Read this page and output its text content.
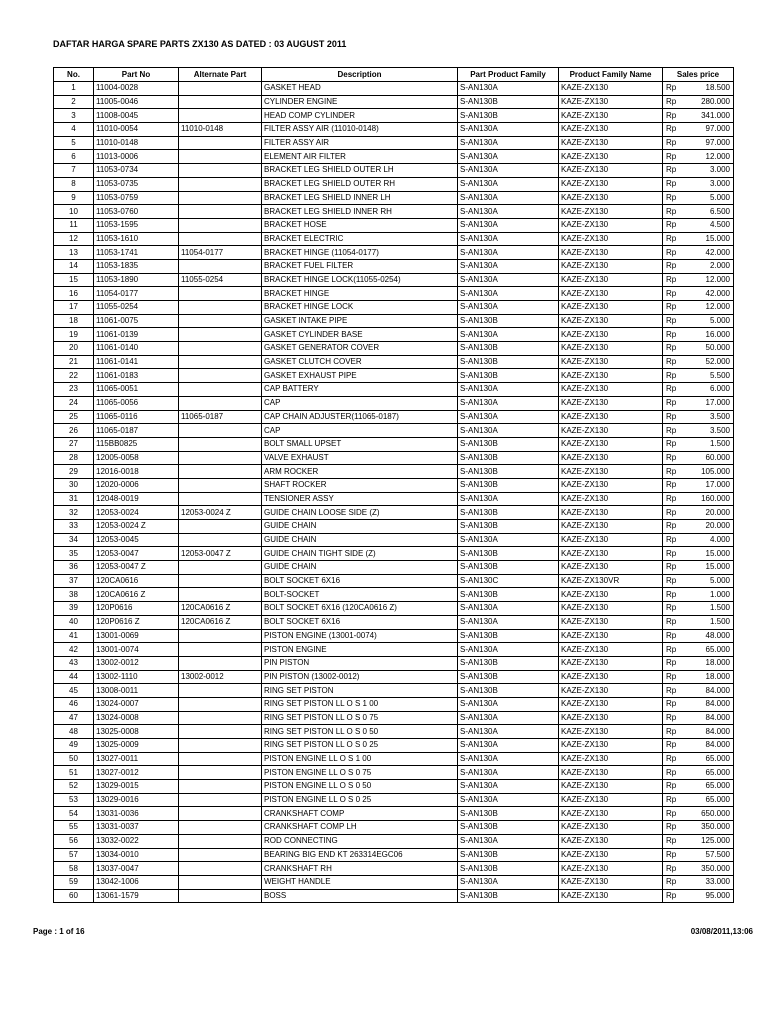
DAFTAR HARGA SPARE PARTS ZX130 AS DATED : 03 AUGUST 2011
No.	Part No	Alternate Part	Description	Part Product Family	Product Family Name	Sales price	
1	11004-0028		GASKET HEAD	S-AN130A	KAZE-ZX130	Rp	18.500
2	11005-0046		CYLINDER ENGINE	S-AN130B	KAZE-ZX130	Rp	280.000
3	11008-0045		HEAD COMP CYLINDER	S-AN130B	KAZE-ZX130	Rp	341.000
4	11010-0054	11010-0148	FILTER ASSY AIR (11010-0148)	S-AN130A	KAZE-ZX130	Rp	97.000
5	11010-0148		FILTER ASSY AIR	S-AN130A	KAZE-ZX130	Rp	97.000
6	11013-0006		ELEMENT AIR FILTER	S-AN130A	KAZE-ZX130	Rp	12.000
7	11053-0734		BRACKET LEG SHIELD OUTER LH	S-AN130A	KAZE-ZX130	Rp	3.000
8	11053-0735		BRACKET LEG SHIELD OUTER RH	S-AN130A	KAZE-ZX130	Rp	3.000
9	11053-0759		BRACKET LEG SHIELD INNER LH	S-AN130A	KAZE-ZX130	Rp	5.000
10	11053-0760		BRACKET LEG SHIELD INNER RH	S-AN130A	KAZE-ZX130	Rp	6.500
11	11053-1595		BRACKET HOSE	S-AN130A	KAZE-ZX130	Rp	4.500
12	11053-1610		BRACKET ELECTRIC	S-AN130A	KAZE-ZX130	Rp	15.000
13	11053-1741	11054-0177	BRACKET HINGE (11054-0177)	S-AN130A	KAZE-ZX130	Rp	42.000
14	11053-1835		BRACKET FUEL FILTER	S-AN130A	KAZE-ZX130	Rp	2.000
15	11053-1890	11055-0254	BRACKET HINGE LOCK(11055-0254)	S-AN130A	KAZE-ZX130	Rp	12.000
16	11054-0177		BRACKET HINGE	S-AN130A	KAZE-ZX130	Rp	42.000
17	11055-0254		BRACKET HINGE LOCK	S-AN130A	KAZE-ZX130	Rp	12.000
18	11061-0075		GASKET INTAKE PIPE	S-AN130B	KAZE-ZX130	Rp	5.000
19	11061-0139		GASKET CYLINDER BASE	S-AN130A	KAZE-ZX130	Rp	16.000
20	11061-0140		GASKET GENERATOR COVER	S-AN130B	KAZE-ZX130	Rp	50.000
21	11061-0141		GASKET CLUTCH COVER	S-AN130B	KAZE-ZX130	Rp	52.000
22	11061-0183		GASKET EXHAUST PIPE	S-AN130B	KAZE-ZX130	Rp	5.500
23	11065-0051		CAP BATTERY	S-AN130A	KAZE-ZX130	Rp	6.000
24	11065-0056		CAP	S-AN130A	KAZE-ZX130	Rp	17.000
25	11065-0116	11065-0187	CAP CHAIN ADJUSTER(11065-0187)	S-AN130A	KAZE-ZX130	Rp	3.500
26	11065-0187		CAP	S-AN130A	KAZE-ZX130	Rp	3.500
27	115BB0825		BOLT SMALL UPSET	S-AN130B	KAZE-ZX130	Rp	1.500
28	12005-0058		VALVE EXHAUST	S-AN130B	KAZE-ZX130	Rp	60.000
29	12016-0018		ARM ROCKER	S-AN130B	KAZE-ZX130	Rp	105.000
30	12020-0006		SHAFT ROCKER	S-AN130B	KAZE-ZX130	Rp	17.000
31	12048-0019		TENSIONER ASSY	S-AN130A	KAZE-ZX130	Rp	160.000
32	12053-0024	12053-0024 Z	GUIDE CHAIN LOOSE SIDE (Z)	S-AN130B	KAZE-ZX130	Rp	20.000
33	12053-0024 Z		GUIDE CHAIN	S-AN130B	KAZE-ZX130	Rp	20.000
34	12053-0045		GUIDE CHAIN	S-AN130A	KAZE-ZX130	Rp	4.000
35	12053-0047	12053-0047 Z	GUIDE CHAIN TIGHT SIDE (Z)	S-AN130B	KAZE-ZX130	Rp	15.000
36	12053-0047 Z		GUIDE CHAIN	S-AN130B	KAZE-ZX130	Rp	15.000
37	120CA0616		BOLT SOCKET 6X16	S-AN130C	KAZE-ZX130VR	Rp	5.000
38	120CA0616 Z		BOLT-SOCKET	S-AN130B	KAZE-ZX130	Rp	1.000
39	120P0616	120CA0616 Z	BOLT SOCKET 6X16 (120CA0616 Z)	S-AN130A	KAZE-ZX130	Rp	1.500
40	120P0616 Z	120CA0616 Z	BOLT SOCKET 6X16	S-AN130A	KAZE-ZX130	Rp	1.500
41	13001-0069		PISTON ENGINE (13001-0074)	S-AN130B	KAZE-ZX130	Rp	48.000
42	13001-0074		PISTON ENGINE	S-AN130A	KAZE-ZX130	Rp	65.000
43	13002-0012		PIN PISTON	S-AN130B	KAZE-ZX130	Rp	18.000
44	13002-1110	13002-0012	PIN PISTON (13002-0012)	S-AN130B	KAZE-ZX130	Rp	18.000
45	13008-0011		RING SET PISTON	S-AN130B	KAZE-ZX130	Rp	84.000
46	13024-0007		RING SET PISTON LL O S 1 00	S-AN130A	KAZE-ZX130	Rp	84.000
47	13024-0008		RING SET PISTON LL O S 0 75	S-AN130A	KAZE-ZX130	Rp	84.000
48	13025-0008		RING SET PISTON LL O S 0 50	S-AN130A	KAZE-ZX130	Rp	84.000
49	13025-0009		RING SET PISTON LL O S 0 25	S-AN130A	KAZE-ZX130	Rp	84.000
50	13027-0011		PISTON ENGINE LL O S 1 00	S-AN130A	KAZE-ZX130	Rp	65.000
51	13027-0012		PISTON ENGINE LL O S 0 75	S-AN130A	KAZE-ZX130	Rp	65.000
52	13029-0015		PISTON ENGINE LL O S 0 50	S-AN130A	KAZE-ZX130	Rp	65.000
53	13029-0016		PISTON ENGINE LL O S 0 25	S-AN130A	KAZE-ZX130	Rp	65.000
54	13031-0036		CRANKSHAFT COMP	S-AN130B	KAZE-ZX130	Rp	650.000
55	13031-0037		CRANKSHAFT COMP LH	S-AN130B	KAZE-ZX130	Rp	350.000
56	13032-0022		ROD CONNECTING	S-AN130A	KAZE-ZX130	Rp	125.000
57	13034-0010		BEARING BIG END KT 263314EGC06	S-AN130B	KAZE-ZX130	Rp	57.500
58	13037-0047		CRANKSHAFT RH	S-AN130B	KAZE-ZX130	Rp	350.000
59	13042-1006		WEIGHT HANDLE	S-AN130A	KAZE-ZX130	Rp	33.000
60	13061-1579		BOSS	S-AN130B	KAZE-ZX130	Rp	95.000
Page : 1 of 16	03/08/2011,13:06
